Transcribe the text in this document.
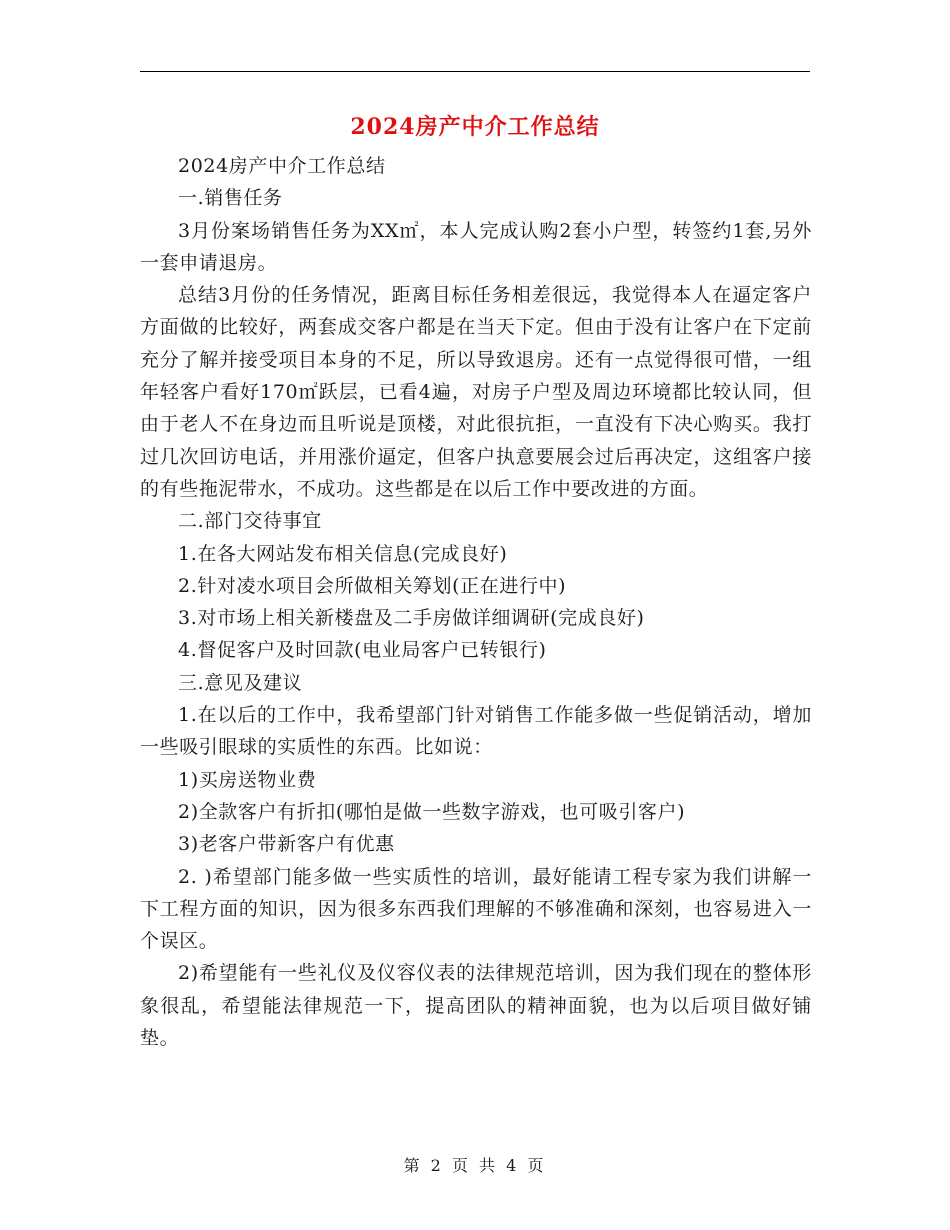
2024房产中介工作总结

2024房产中介工作总结

一.销售任务

3月份案场销售任务为XX㎡，本人完成认购2套小户型，转签约1套,另外一套申请退房。

总结3月份的任务情况，距离目标任务相差很远，我觉得本人在逼定客户方面做的比较好，两套成交客户都是在当天下定。但由于没有让客户在下定前充分了解并接受项目本身的不足，所以导致退房。还有一点觉得很可惜，一组年轻客户看好170㎡跃层，已看4遍，对房子户型及周边环境都比较认同，但由于老人不在身边而且听说是顶楼，对此很抗拒，一直没有下决心购买。我打过几次回访电话，并用涨价逼定，但客户执意要展会过后再决定，这组客户接的有些拖泥带水，不成功。这些都是在以后工作中要改进的方面。

二.部门交待事宜

1.在各大网站发布相关信息(完成良好)

2.针对凌水项目会所做相关筹划(正在进行中)

3.对市场上相关新楼盘及二手房做详细调研(完成良好)

4.督促客户及时回款(电业局客户已转银行)

三.意见及建议

1.在以后的工作中，我希望部门针对销售工作能多做一些促销活动，增加一些吸引眼球的实质性的东西。比如说：

1)买房送物业费

2)全款客户有折扣(哪怕是做一些数字游戏，也可吸引客户)

3)老客户带新客户有优惠

2. )希望部门能多做一些实质性的培训，最好能请工程专家为我们讲解一下工程方面的知识，因为很多东西我们理解的不够准确和深刻，也容易进入一个误区。

2)希望能有一些礼仪及仪容仪表的法律规范培训，因为我们现在的整体形象很乱，希望能法律规范一下，提高团队的精神面貌，也为以后项目做好铺垫。

第 2 页 共 4 页
